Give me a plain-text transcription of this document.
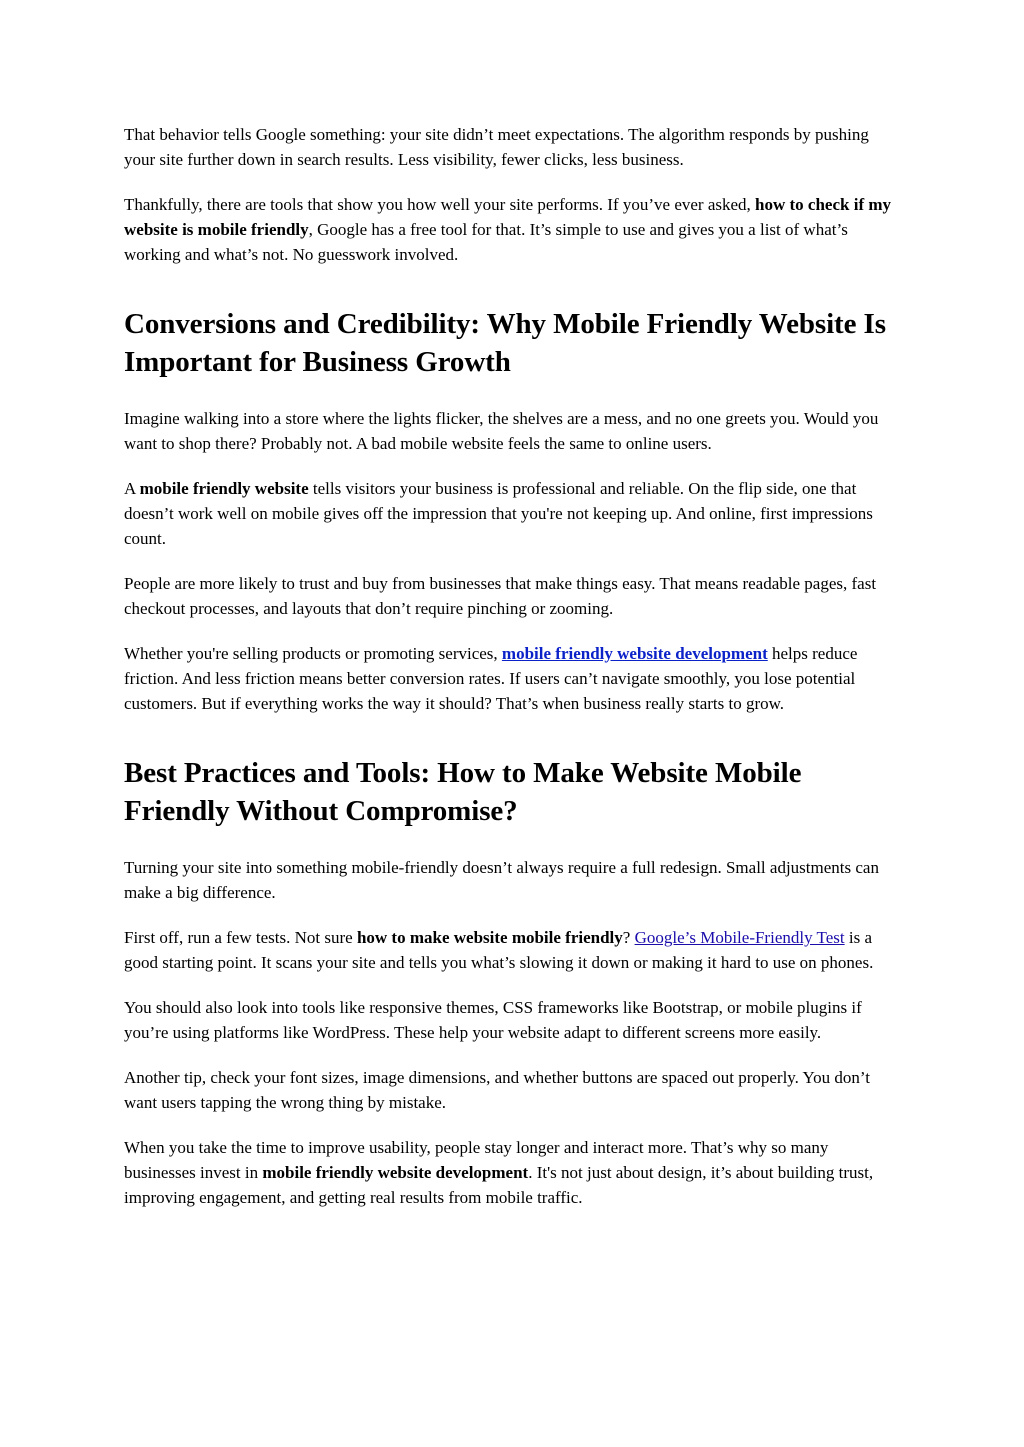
That behavior tells Google something: your site didn’t meet expectations. The algorithm responds by pushing your site further down in search results. Less visibility, fewer clicks, less business.

Thankfully, there are tools that show you how well your site performs. If you’ve ever asked, how to check if my website is mobile friendly, Google has a free tool for that. It’s simple to use and gives you a list of what’s working and what’s not. No guesswork involved.

Conversions and Credibility: Why Mobile Friendly Website Is Important for Business Growth

Imagine walking into a store where the lights flicker, the shelves are a mess, and no one greets you. Would you want to shop there? Probably not. A bad mobile website feels the same to online users.

A mobile friendly website tells visitors your business is professional and reliable. On the flip side, one that doesn’t work well on mobile gives off the impression that you're not keeping up. And online, first impressions count.

People are more likely to trust and buy from businesses that make things easy. That means readable pages, fast checkout processes, and layouts that don’t require pinching or zooming.

Whether you're selling products or promoting services, mobile friendly website development helps reduce friction. And less friction means better conversion rates. If users can’t navigate smoothly, you lose potential customers. But if everything works the way it should? That’s when business really starts to grow.

Best Practices and Tools: How to Make Website Mobile Friendly Without Compromise?

Turning your site into something mobile-friendly doesn’t always require a full redesign. Small adjustments can make a big difference.

First off, run a few tests. Not sure how to make website mobile friendly? Google’s Mobile-Friendly Test is a good starting point. It scans your site and tells you what’s slowing it down or making it hard to use on phones.

You should also look into tools like responsive themes, CSS frameworks like Bootstrap, or mobile plugins if you’re using platforms like WordPress. These help your website adapt to different screens more easily.

Another tip, check your font sizes, image dimensions, and whether buttons are spaced out properly. You don’t want users tapping the wrong thing by mistake.

When you take the time to improve usability, people stay longer and interact more. That’s why so many businesses invest in mobile friendly website development. It's not just about design, it’s about building trust, improving engagement, and getting real results from mobile traffic.
